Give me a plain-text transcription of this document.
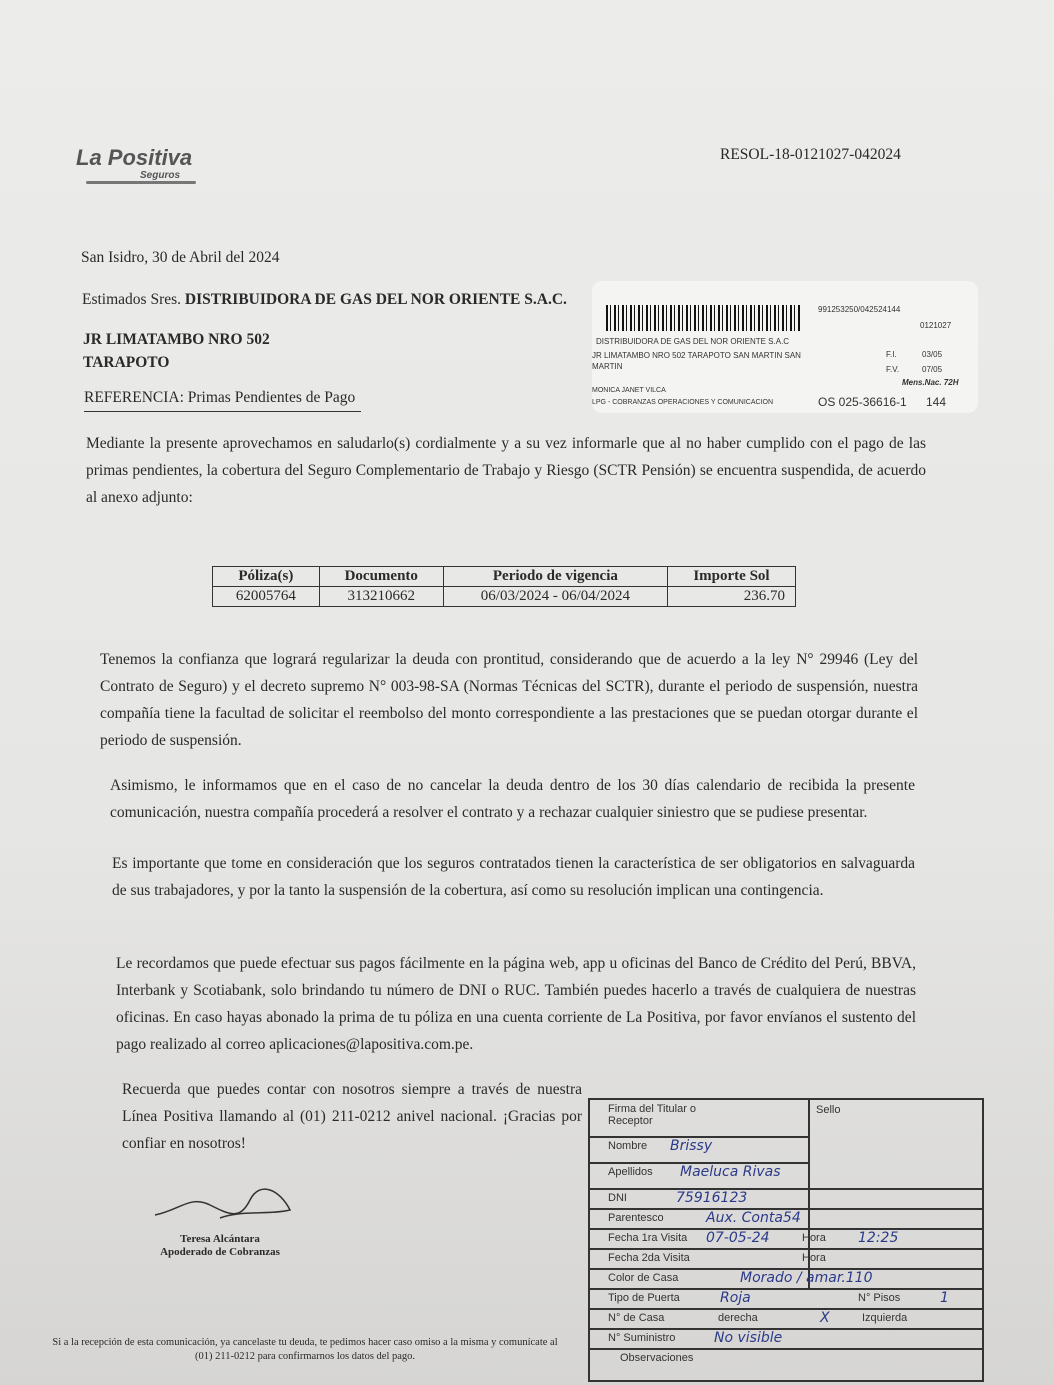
La Positiva
Seguros
RESOL-18-0121027-042024
San Isidro, 30 de Abril del 2024
Estimados Sres. DISTRIBUIDORA DE GAS DEL NOR ORIENTE S.A.C.
JR LIMATAMBO NRO 502
TARAPOTO
REFERENCIA: Primas Pendientes de Pago
991253250/042524144
0121027
DISTRIBUIDORA DE GAS DEL NOR ORIENTE S.A.C
JR LIMATAMBO NRO 502 TARAPOTO SAN MARTIN SAN MARTIN
F.I.	03/05
F.V.	07/05
Mens.Nac. 72H
MONICA JANET VILCA
LPG - COBRANZAS OPERACIONES Y COMUNICACION	OS 025-36616-1 144
Mediante la presente aprovechamos en saludarlo(s) cordialmente y a su vez informarle que al no haber cumplido con el pago de las primas pendientes, la cobertura del Seguro Complementario de Trabajo y Riesgo (SCTR Pensión) se encuentra suspendida, de acuerdo al anexo adjunto:
Póliza(s)	Documento	Periodo de vigencia	Importe Sol
62005764	313210662	06/03/2024 - 06/04/2024	236.70
Tenemos la confianza que logrará regularizar la deuda con prontitud, considerando que de acuerdo a la ley N° 29946 (Ley del Contrato de Seguro) y el decreto supremo N° 003-98-SA (Normas Técnicas del SCTR), durante el periodo de suspensión, nuestra compañía tiene la facultad de solicitar el reembolso del monto correspondiente a las prestaciones que se puedan otorgar durante el periodo de suspensión.
Asimismo, le informamos que en el caso de no cancelar la deuda dentro de los 30 días calendario de recibida la presente comunicación, nuestra compañía procederá a resolver el contrato y a rechazar cualquier siniestro que se pudiese presentar.
Es importante que tome en consideración que los seguros contratados tienen la característica de ser obligatorios en salvaguarda de sus trabajadores, y por la tanto la suspensión de la cobertura, así como su resolución implican una contingencia.
Le recordamos que puede efectuar sus pagos fácilmente en la página web, app u oficinas del Banco de Crédito del Perú, BBVA, Interbank y Scotiabank, solo brindando tu número de DNI o RUC. También puedes hacerlo a través de cualquiera de nuestras oficinas. En caso hayas abonado la prima de tu póliza en una cuenta corriente de La Positiva, por favor envíanos el sustento del pago realizado al correo aplicaciones@lapositiva.com.pe.
Recuerda que puedes contar con nosotros siempre a través de nuestra Línea Positiva llamando al (01) 211-0212 anivel nacional. ¡Gracias por confiar en nosotros!
Teresa Alcántara
Apoderado de Cobranzas
Firma del Titular o Receptor
Sello
Nombre Brissy
Apellidos Maeluca Rivas
DNI	75916123
Parentesco	Aux. Conta54
Fecha 1ra Visita 07-05-24	Hora 12:25
Fecha 2da Visita	Hora
Color de Casa	Morado / amar.110
Tipo de Puerta	Roja	N° Pisos	1
N° de Casa	derecha	X	Izquierda
N° Suministro	No visible
Observaciones
Si a la recepción de esta comunicación, ya cancelaste tu deuda, te pedimos hacer caso omiso a la misma y comunícate al
(01) 211-0212 para confirmarnos los datos del pago.
